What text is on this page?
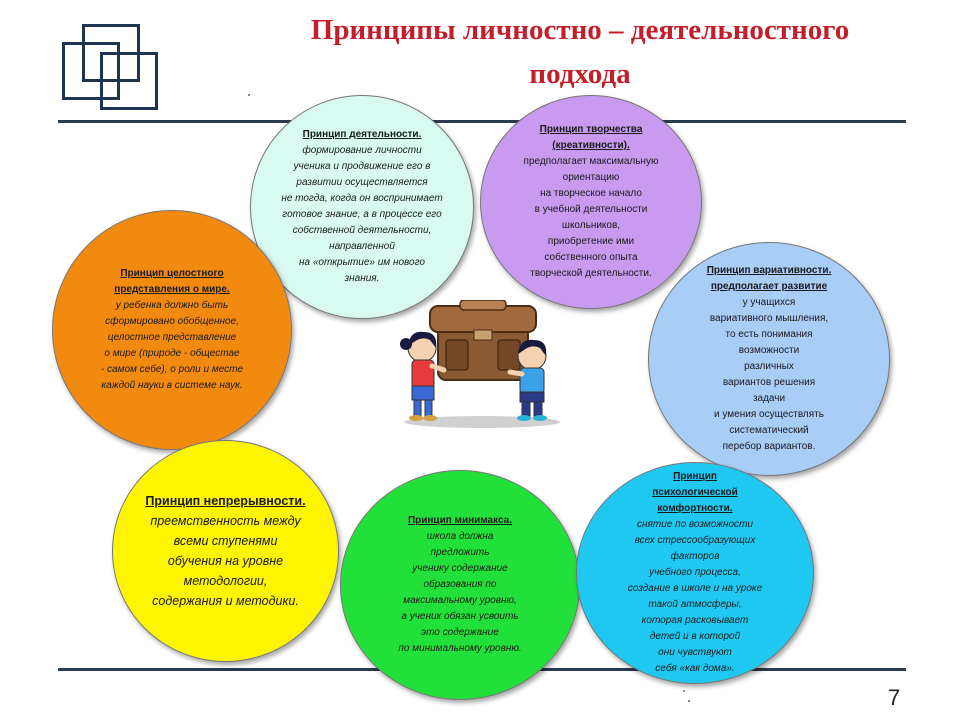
Принципы личностно – деятельностного
подхода
Принцип деятельности.
формирование личности
ученика и продвижение его в
развитии осуществляется
не тогда, когда он воспринимает
готовое знание, а в процессе его
собственной деятельности,
направленной
на «открытие» им нового
знания.
Принцип творчества
(креативности).
предполагает максимальную
ориентацию
на творческое начало
в учебной деятельности
школьников,
приобретение ими
собственного опыта
творческой деятельности.
Принцип целостного
представления о мире.
у ребенка должно быть
сформировано обобщенное,
целостное представление
о мире (природе - общестае
- самом себе), о роли и месте
каждой науки в системе наук.
Принцип вариативности.
предполагает развитие
у учащихся
вариативного мышления,
то есть понимания
возможности
различных
вариантов решения
задачи
и умения осуществлять
систематический
перебор вариантов.
Принцип непрерывности.
преемственность между
всеми ступенями
обучения на уровне
методологии,
содержания и методики.
Принцип минимакса.
школа должна
предложить
ученику содержание
образования по
максимальному уровню,
а ученик обязан усвоить
это содержание
по минимальному уровню.
Принцип
психологической
комфортности.
снятие по возможности
всех стрессообразующих
факторов
учебного процесса,
создание в школе и на уроке
такой атмосферы,
которая расковывает
детей и в которой
они чувствуют
себя «как дома».
7
